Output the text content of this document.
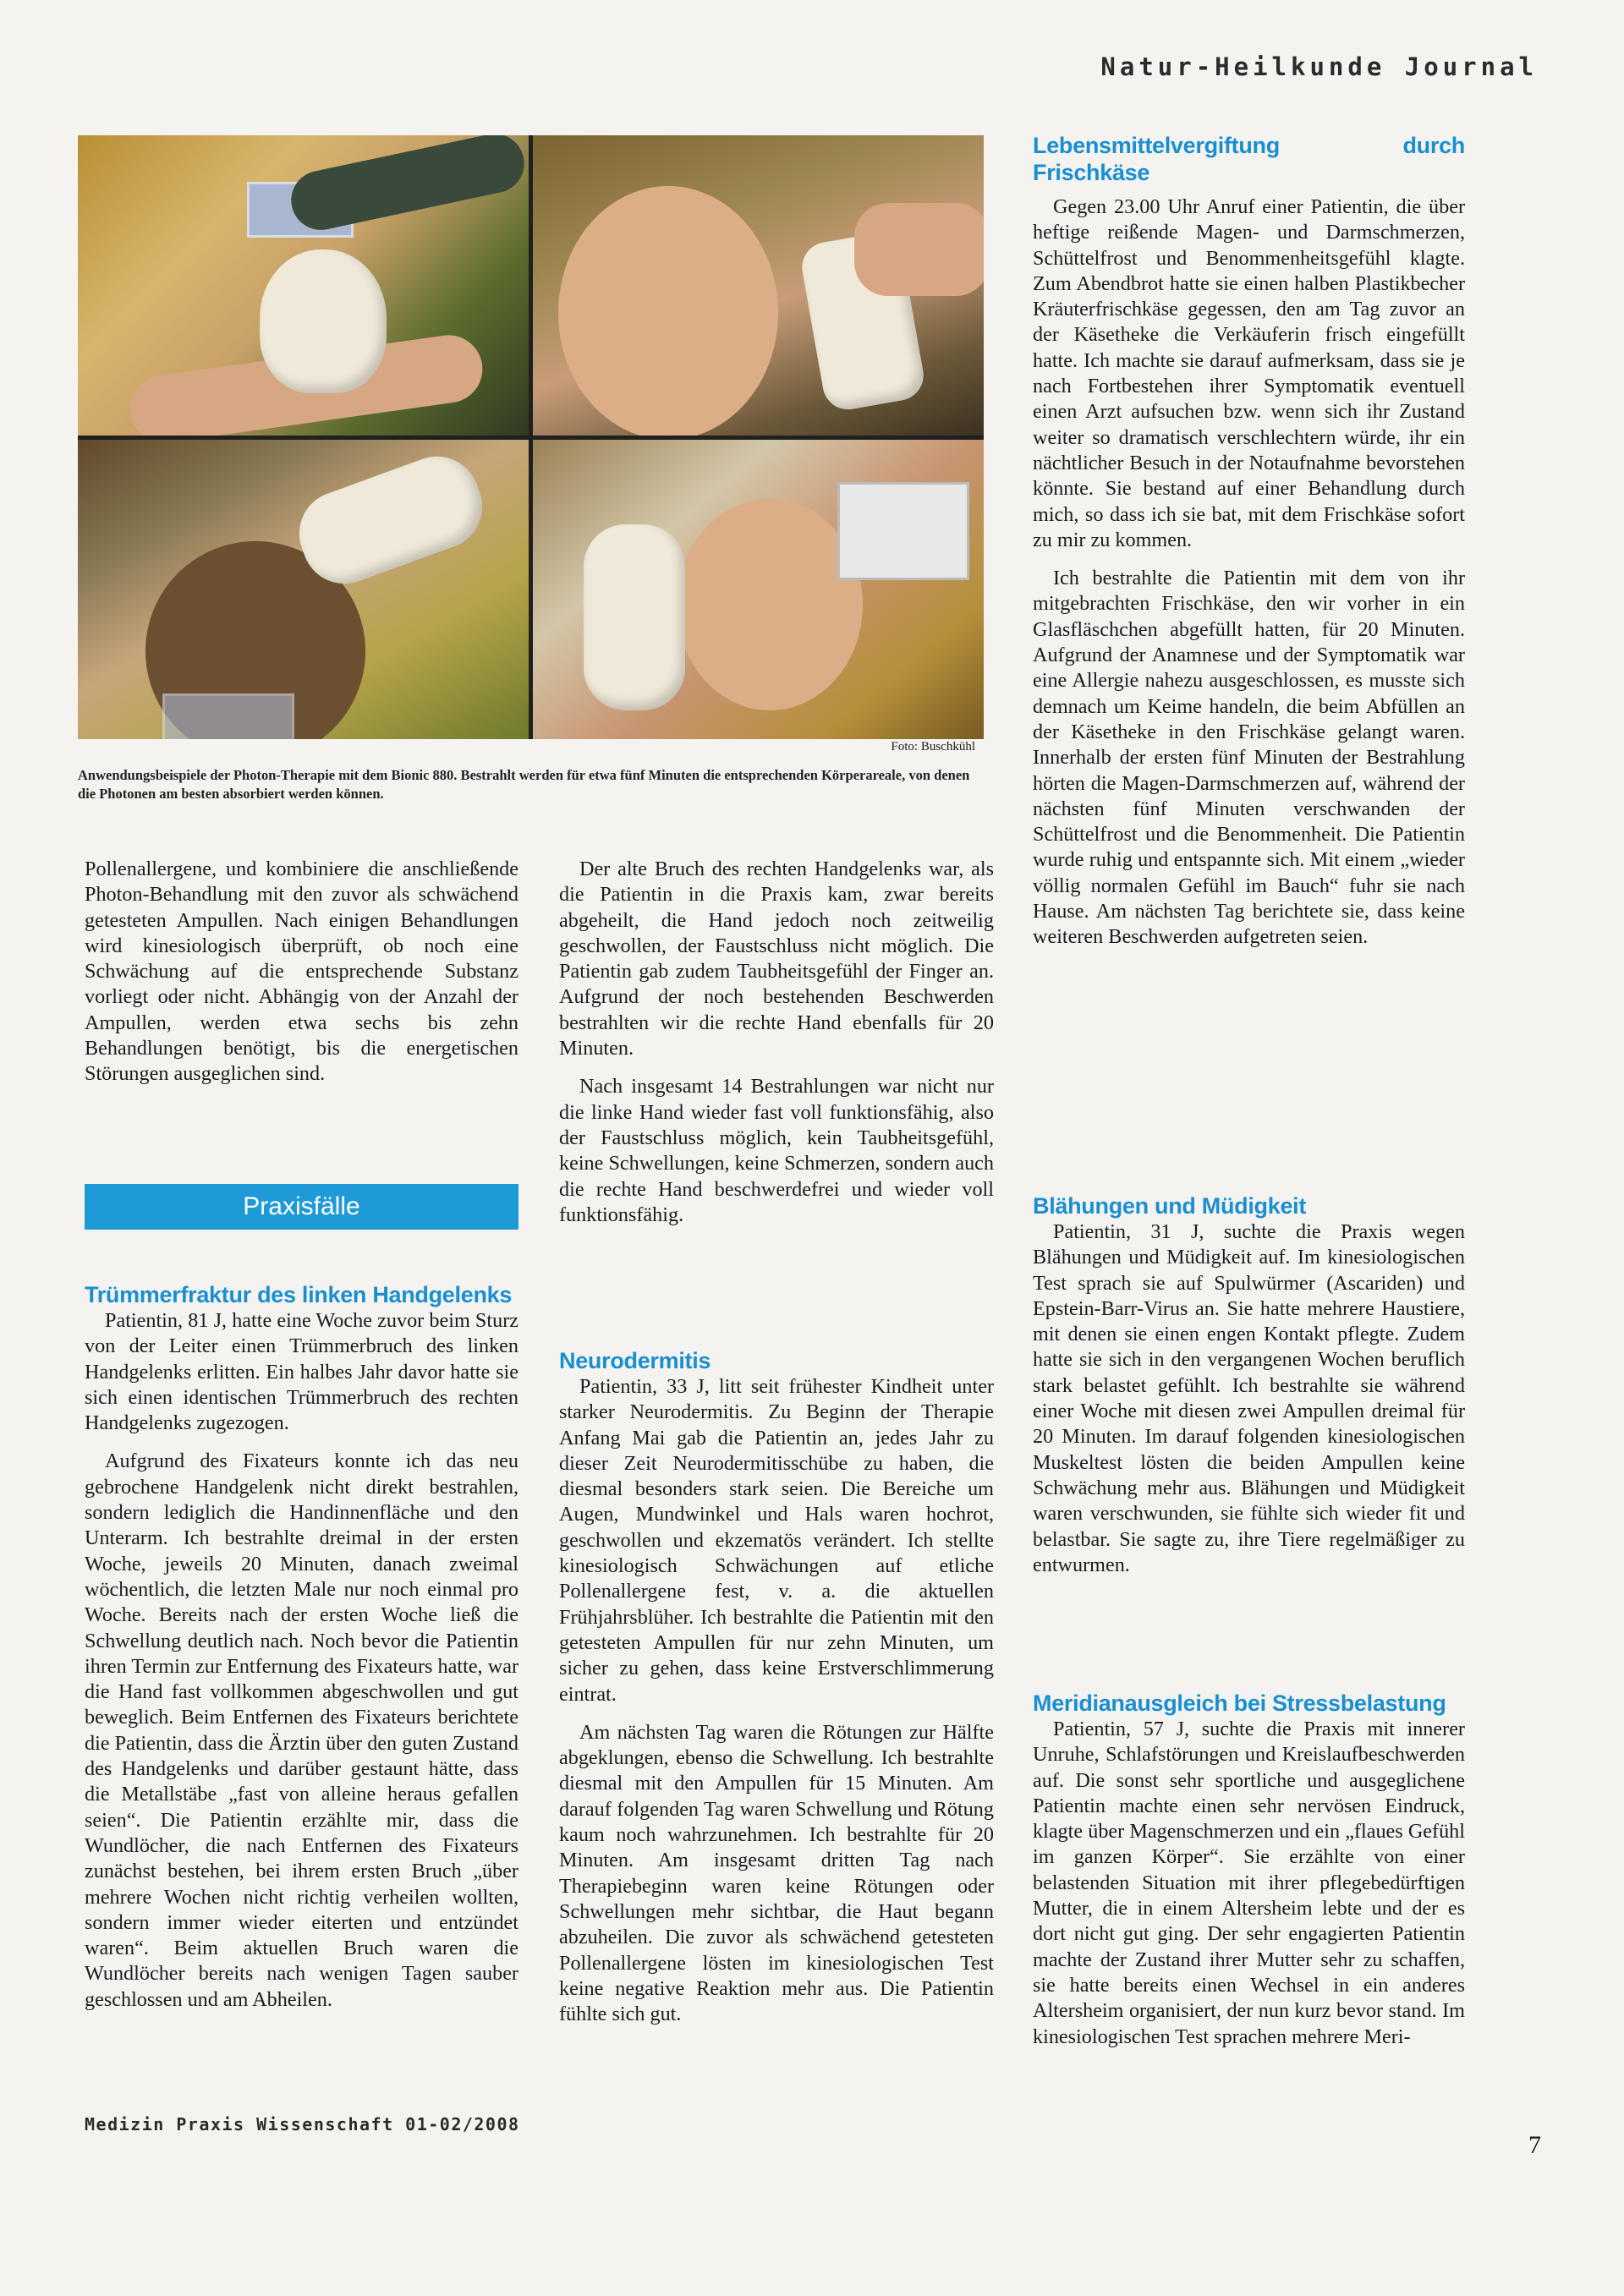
Natur-Heilkunde Journal
Foto: Buschkühl
Anwendungsbeispiele der Photon-Therapie mit dem Bionic 880. Bestrahlt werden für etwa fünf Minuten die entsprechenden Körperareale, von denen die Photonen am besten absorbiert werden können.

Pollenallergene, und kombiniere die anschließende Photon-Behandlung mit den zuvor als schwächend getesteten Ampullen. Nach einigen Behandlungen wird kinesiologisch überprüft, ob noch eine Schwächung auf die entsprechende Substanz vorliegt oder nicht. Abhängig von der Anzahl der Ampullen, werden etwa sechs bis zehn Behandlungen benötigt, bis die energetischen Störungen ausgeglichen sind.

Praxisfälle
Trümmerfraktur des linken Handgelenks

Patientin, 81 J, hatte eine Woche zuvor beim Sturz von der Leiter einen Trümmerbruch des linken Handgelenks erlitten. Ein halbes Jahr davor hatte sie sich einen identischen Trümmerbruch des rechten Handgelenks zugezogen.

Aufgrund des Fixateurs konnte ich das neu gebrochene Handgelenk nicht direkt bestrahlen, sondern lediglich die Handinnenfläche und den Unterarm. Ich bestrahlte dreimal in der ersten Woche, jeweils 20 Minuten, danach zweimal wöchentlich, die letzten Male nur noch einmal pro Woche. Bereits nach der ersten Woche ließ die Schwellung deutlich nach. Noch bevor die Patientin ihren Termin zur Entfernung des Fixateurs hatte, war die Hand fast vollkommen abgeschwollen und gut beweglich. Beim Entfernen des Fixateurs berichtete die Patientin, dass die Ärztin über den guten Zustand des Handgelenks und darüber gestaunt hätte, dass die Metallstäbe „fast von alleine heraus gefallen seien“. Die Patientin erzählte mir, dass die Wundlöcher, die nach Entfernen des Fixateurs zunächst bestehen, bei ihrem ersten Bruch „über mehrere Wochen nicht richtig verheilen wollten, sondern immer wieder eiterten und entzündet waren“. Beim aktuellen Bruch waren die Wundlöcher bereits nach wenigen Tagen sauber geschlossen und am Abheilen.

Der alte Bruch des rechten Handgelenks war, als die Patientin in die Praxis kam, zwar bereits abgeheilt, die Hand jedoch noch zeitweilig geschwollen, der Faustschluss nicht möglich. Die Patientin gab zudem Taubheitsgefühl der Finger an. Aufgrund der noch bestehenden Beschwerden bestrahlten wir die rechte Hand ebenfalls für 20 Minuten.

Nach insgesamt 14 Bestrahlungen war nicht nur die linke Hand wieder fast voll funktionsfähig, also der Faustschluss möglich, kein Taubheitsgefühl, keine Schwellungen, keine Schmerzen, sondern auch die rechte Hand beschwerdefrei und wieder voll funktionsfähig.

Neurodermitis

Patientin, 33 J, litt seit frühester Kindheit unter starker Neurodermitis. Zu Beginn der Therapie Anfang Mai gab die Patientin an, jedes Jahr zu dieser Zeit Neurodermitisschübe zu haben, die diesmal besonders stark seien. Die Bereiche um Augen, Mundwinkel und Hals waren hochrot, geschwollen und ekzematös verändert. Ich stellte kinesiologisch Schwächungen auf etliche Pollenallergene fest, v. a. die aktuellen Frühjahrsblüher. Ich bestrahlte die Patientin mit den getesteten Ampullen für nur zehn Minuten, um sicher zu gehen, dass keine Erstverschlimmerung eintrat.

Am nächsten Tag waren die Rötungen zur Hälfte abgeklungen, ebenso die Schwellung. Ich bestrahlte diesmal mit den Ampullen für 15 Minuten. Am darauf folgenden Tag waren Schwellung und Rötung kaum noch wahrzunehmen. Ich bestrahlte für 20 Minuten. Am insgesamt dritten Tag nach Therapiebeginn waren keine Rötungen oder Schwellungen mehr sichtbar, die Haut begann abzuheilen. Die zuvor als schwächend getesteten Pollenallergene lösten im kinesiologischen Test keine negative Reaktion mehr aus. Die Patientin fühlte sich gut.

Lebensmittelvergiftung durch Frischkäse

Gegen 23.00 Uhr Anruf einer Patientin, die über heftige reißende Magen- und Darmschmerzen, Schüttelfrost und Benommenheitsgefühl klagte. Zum Abendbrot hatte sie einen halben Plastikbecher Kräuterfrischkäse gegessen, den am Tag zuvor an der Käsetheke die Verkäuferin frisch eingefüllt hatte. Ich machte sie darauf aufmerksam, dass sie je nach Fortbestehen ihrer Symptomatik eventuell einen Arzt aufsuchen bzw. wenn sich ihr Zustand weiter so dramatisch verschlechtern würde, ihr ein nächtlicher Besuch in der Notaufnahme bevorstehen könnte. Sie bestand auf einer Behandlung durch mich, so dass ich sie bat, mit dem Frischkäse sofort zu mir zu kommen.

Ich bestrahlte die Patientin mit dem von ihr mitgebrachten Frischkäse, den wir vorher in ein Glasfläschchen abgefüllt hatten, für 20 Minuten. Aufgrund der Anamnese und der Symptomatik war eine Allergie nahezu ausgeschlossen, es musste sich demnach um Keime handeln, die beim Abfüllen an der Käsetheke in den Frischkäse gelangt waren. Innerhalb der ersten fünf Minuten der Bestrahlung hörten die Magen-Darmschmerzen auf, während der nächsten fünf Minuten verschwanden der Schüttelfrost und die Benommenheit. Die Patientin wurde ruhig und entspannte sich. Mit einem „wieder völlig normalen Gefühl im Bauch“ fuhr sie nach Hause. Am nächsten Tag berichtete sie, dass keine weiteren Beschwerden aufgetreten seien.

Blähungen und Müdigkeit

Patientin, 31 J, suchte die Praxis wegen Blähungen und Müdigkeit auf. Im kinesiologischen Test sprach sie auf Spulwürmer (Ascariden) und Epstein-Barr-Virus an. Sie hatte mehrere Haustiere, mit denen sie einen engen Kontakt pflegte. Zudem hatte sie sich in den vergangenen Wochen beruflich stark belastet gefühlt. Ich bestrahlte sie während einer Woche mit diesen zwei Ampullen dreimal für 20 Minuten. Im darauf folgenden kinesiologischen Muskeltest lösten die beiden Ampullen keine Schwächung mehr aus. Blähungen und Müdigkeit waren verschwunden, sie fühlte sich wieder fit und belastbar. Sie sagte zu, ihre Tiere regelmäßiger zu entwurmen.

Meridianausgleich bei Stressbelastung

Patientin, 57 J, suchte die Praxis mit innerer Unruhe, Schlafstörungen und Kreislaufbeschwerden auf. Die sonst sehr sportliche und ausgeglichene Patientin machte einen sehr nervösen Eindruck, klagte über Magenschmerzen und ein „flaues Gefühl im ganzen Körper“. Sie erzählte von einer belastenden Situation mit ihrer pflegebedürftigen Mutter, die in einem Altersheim lebte und der es dort nicht gut ging. Der sehr engagierten Patientin machte der Zustand ihrer Mutter sehr zu schaffen, sie hatte bereits einen Wechsel in ein anderes Altersheim organisiert, der nun kurz bevor stand. Im kinesiologischen Test sprachen mehrere Meri-

Medizin Praxis Wissenschaft 01-02/2008
7
